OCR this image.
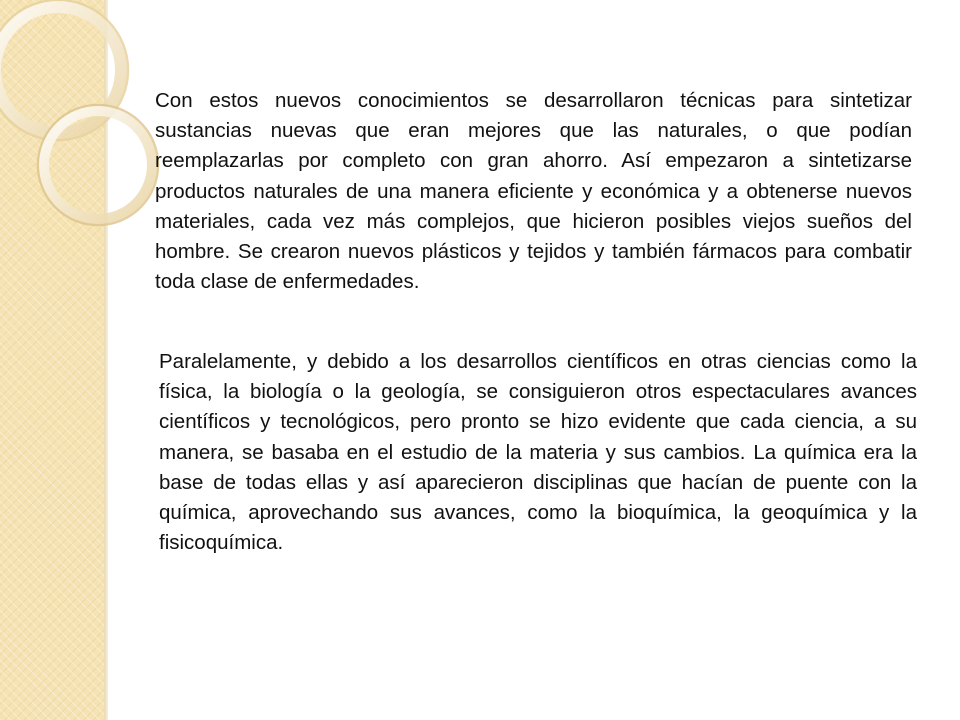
Con estos nuevos conocimientos se desarrollaron técnicas para sintetizar sustancias nuevas que eran mejores que las naturales, o que podían reemplazarlas por completo con gran ahorro. Así empezaron a sintetizarse productos naturales de una manera eficiente y económica y a obtenerse nuevos materiales, cada vez más complejos, que hicieron posibles viejos sueños del hombre. Se crearon nuevos plásticos y tejidos y también fármacos para combatir toda clase de enfermedades.

Paralelamente, y debido a los desarrollos científicos en otras ciencias como la física, la biología o la geología, se consiguieron otros espectaculares avances científicos y tecnológicos, pero pronto se hizo evidente que cada ciencia, a su manera, se basaba en el estudio de la materia y sus cambios. La química era la base de todas ellas y así aparecieron disciplinas que hacían de puente con la química, aprovechando sus avances, como la bioquímica, la geoquímica y la fisicoquímica.
